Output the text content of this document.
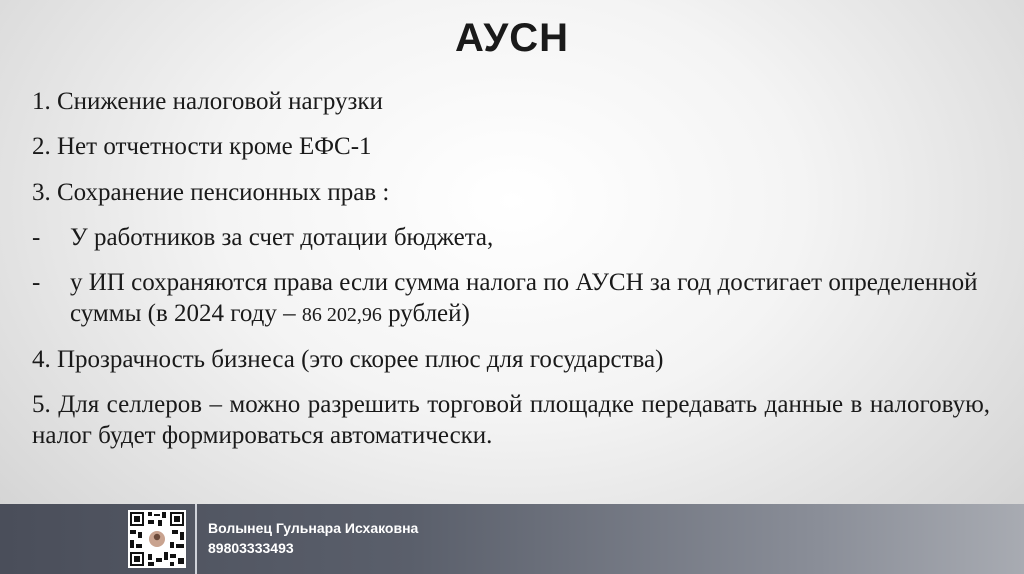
АУСН
1. Снижение налоговой нагрузки
2. Нет отчетности кроме ЕФС-1
3. Сохранение пенсионных прав :
-	У работников за счет дотации бюджета,
-	у ИП сохраняются права если сумма налога по АУСН за год достигает определенной суммы (в 2024 году – 86 202,96 рублей)
4. Прозрачность бизнеса (это скорее плюс для государства)
5. Для селлеров – можно разрешить торговой площадке передавать данные в налоговую, налог будет формироваться автоматически.
Волынец Гульнара Исхаковна
89803333493
